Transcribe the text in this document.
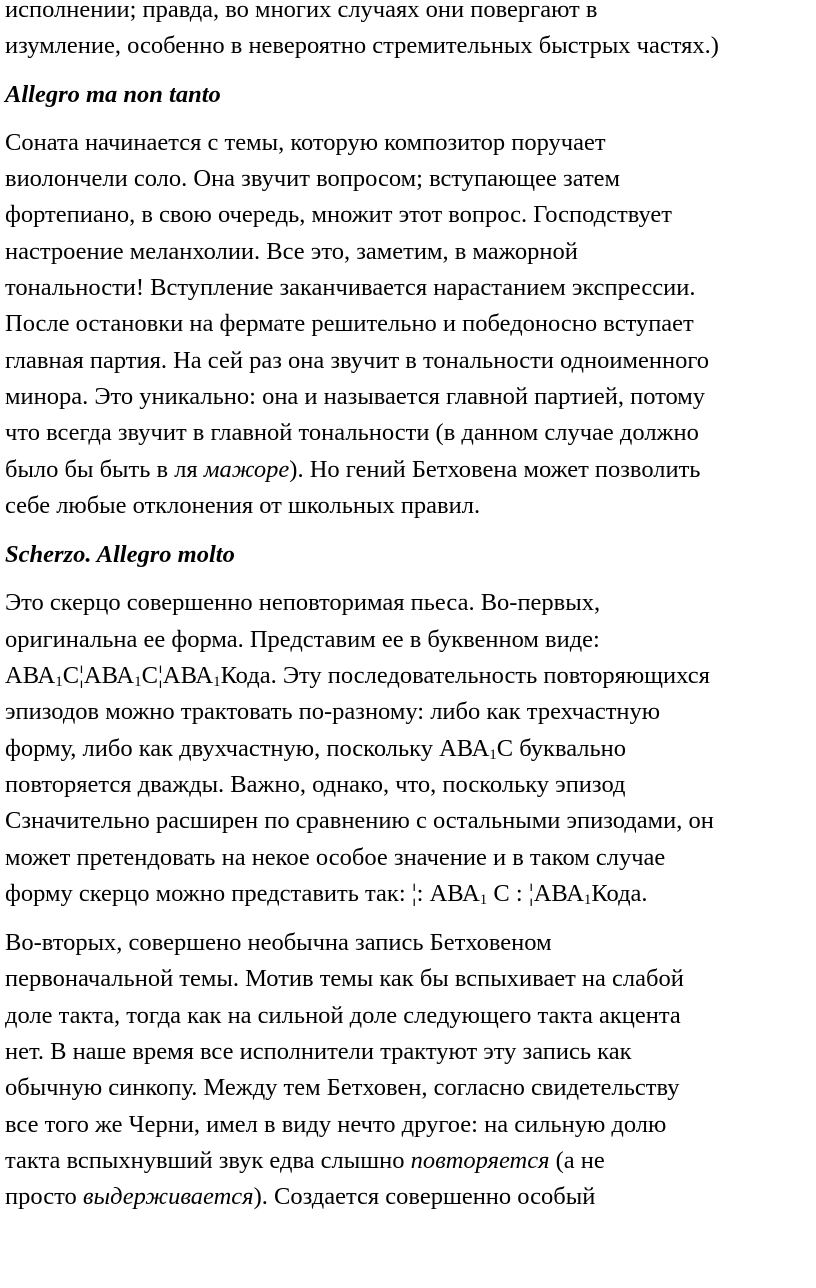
исполнении; правда, во многих случаях они повергают в

изумление, особенно в невероятно стремительных быстрых частях.)

Allegro ma non tanto

Соната начинается с темы, которую композитор поручает

виолончели соло. Она звучит вопросом; вступающее затем

фортепиано, в свою очередь, множит этот вопрос. Господствует

настроение меланхолии. Все это, заметим, в мажорной

тональности! Вступление заканчивается нарастанием экспрессии.

После остановки на фермате решительно и победоносно вступает

главная партия. На сей раз она звучит в тональности одноименного

минора. Это уникально: она и называется главной партией, потому

что всегда звучит в главной тональности (в данном случае должно

было бы быть в ля мажоре). Но гений Бетховена может позволить

себе любые отклонения от школьных правил.

Scherzo. Allegro molto

Это скерцо совершенно неповторимая пьеса. Во-первых,

оригинальна ее форма. Представим ее в буквенном виде:

$АВА_1С¦АВА_1С¦АВА_1Кода$. Эту последовательность повторяющихся

эпизодов можно трактовать по-разному: либо как трехчастную

форму, либо как двухчастную, поскольку $АВА_1С$ буквально

повторяется дважды. Важно, однако, что, поскольку эпизод

Сзначительно расширен по сравнению с остальными эпизодами, он

может претендовать на некое особое значение и в таком случае

форму скерцо можно представить так: ¦: $АВА_1$ С : $¦АВА_1Кода$.

Во-вторых, совершено необычна запись Бетховеном

первоначальной темы. Мотив темы как бы вспыхивает на слабой

доле такта, тогда как на сильной доле следующего такта акцента

нет. В наше время все исполнители трактуют эту запись как

обычную синкопу. Между тем Бетховен, согласно свидетельству

все того же Черни, имел в виду нечто другое: на сильную долю

такта вспыхнувший звук едва слышно повторяется (а не

просто выдерживается). Создается совершенно особый
